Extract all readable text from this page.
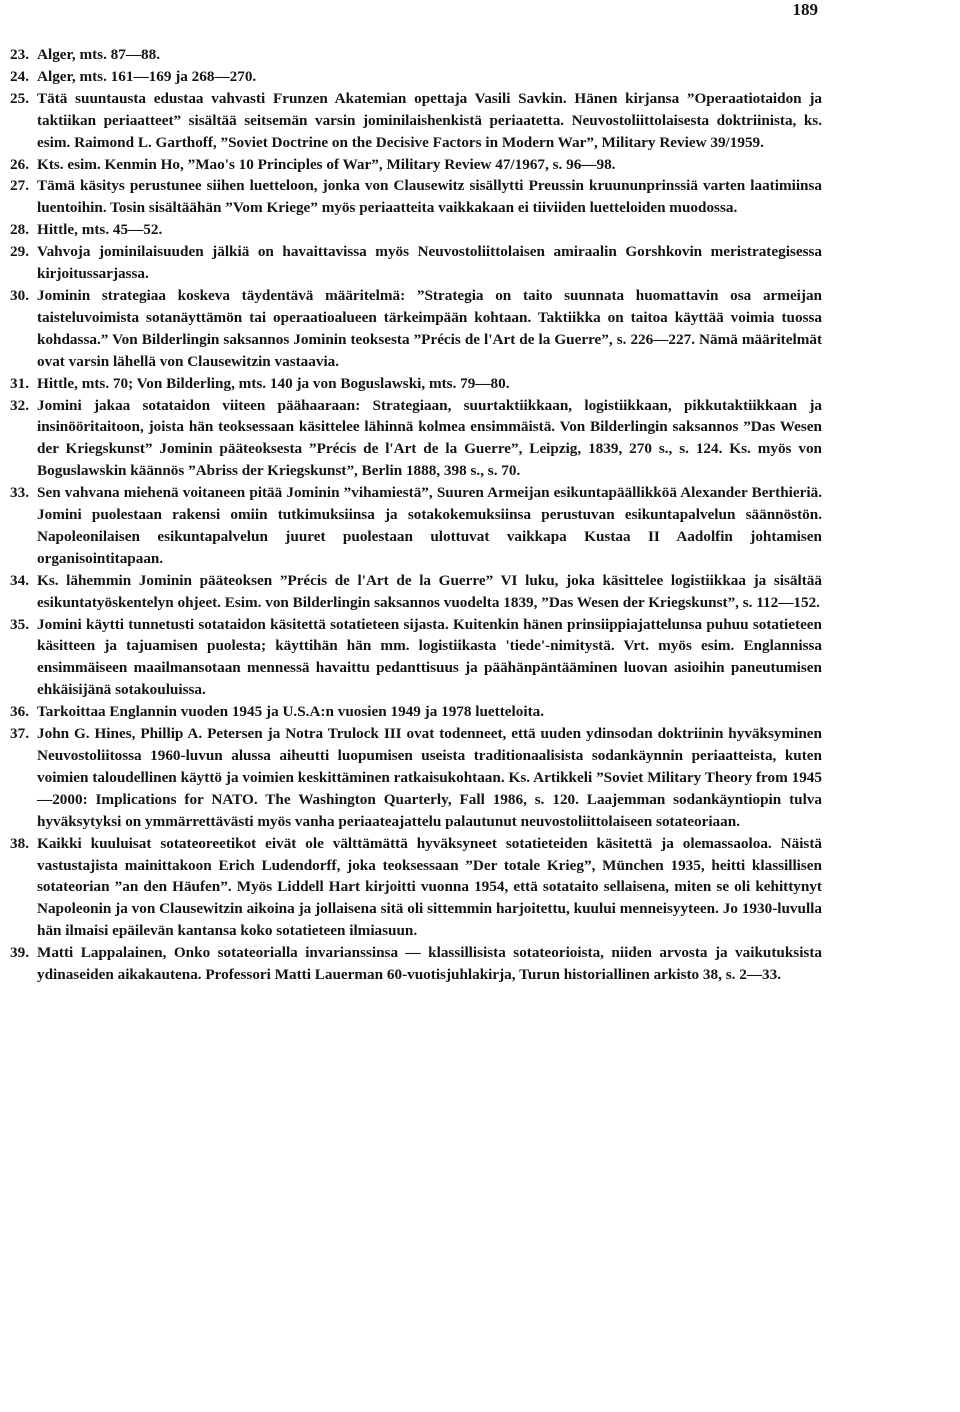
189
23. Alger, mts. 87—88.
24. Alger, mts. 161—169 ja 268—270.
25. Tätä suuntausta edustaa vahvasti Frunzen Akatemian opettaja Vasili Savkin. Hänen kirjansa ”Operaatiotaidon ja taktiikan periaatteet” sisältää seitsemän varsin jominilaishenkistä periaatetta. Neuvostoliittolaisesta doktriinista, ks. esim. Raimond L. Garthoff, ”Soviet Doctrine on the Decisive Factors in Modern War”, Military Review 39/1959.
26. Kts. esim. Kenmin Ho, ”Mao's 10 Principles of War”, Military Review 47/1967, s. 96—98.
27. Tämä käsitys perustunee siihen luetteloon, jonka von Clausewitz sisällytti Preussin kruununprinssiä varten laatimiinsa luentoihin. Tosin sisältäähän ”Vom Kriege” myös periaatteita vaikkakaan ei tiiviiden luetteloiden muodossa.
28. Hittle, mts. 45—52.
29. Vahvoja jominilaisuuden jälkiä on havaittavissa myös Neuvostoliittolaisen amiraalin Gorshkovin meristrategisessa kirjoitussarjassa.
30. Jominin strategiaa koskeva täydentävä määritelmä: ”Strategia on taito suunnata huomattavin osa armeijan taisteluvoimista sotanäyttämön tai operaatioalueen tärkeimpään kohtaan. Taktiikka on taitoa käyttää voimia tuossa kohdassa.” Von Bilderlingin saksannos Jominin teoksesta ”Précis de l'Art de la Guerre”, s. 226—227. Nämä määritelmät ovat varsin lähellä von Clausewitzin vastaavia.
31. Hittle, mts. 70; Von Bilderling, mts. 140 ja von Boguslawski, mts. 79—80.
32. Jomini jakaa sotataidon viiteen päähaaraan: Strategiaan, suurtaktiikkaan, logistiikkaan, pikkutaktiikkaan ja insinööritaitoon, joista hän teoksessaan käsittelee lähinnä kolmea ensimmäistä. Von Bilderlingin saksannos ”Das Wesen der Kriegskunst” Jominin pääteoksesta ”Précis de l'Art de la Guerre”, Leipzig, 1839, 270 s., s. 124. Ks. myös von Boguslawskin käännös ”Abriss der Kriegskunst”, Berlin 1888, 398 s., s. 70.
33. Sen vahvana miehenä voitaneen pitää Jominin ”vihamiestä”, Suuren Armeijan esikuntapäällikköä Alexander Berthieriä. Jomini puolestaan rakensi omiin tutkimuksiinsa ja sotakokemuksiinsa perustuvan esikuntapalvelun säännöstön. Napoleonilaisen esikuntapalvelun juuret puolestaan ulottuvat vaikkapa Kustaa II Aadolfin johtamisen organisointitapaan.
34. Ks. lähemmin Jominin pääteoksen ”Précis de l'Art de la Guerre” VI luku, joka käsittelee logistiikkaa ja sisältää esikuntatyöskentelyn ohjeet. Esim. von Bilderlingin saksannos vuodelta 1839, ”Das Wesen der Kriegskunst”, s. 112—152.
35. Jomini käytti tunnetusti sotataidon käsitettä sotatieteen sijasta. Kuitenkin hänen prinsiippiajattelunsa puhuu sotatieteen käsitteen ja tajuamisen puolesta; käyttihän hän mm. logistiikasta 'tiede'-nimitystä. Vrt. myös esim. Englannissa ensimmäiseen maailmansotaan mennessä havaittu pedanttisuus ja päähänpäntääminen luovan asioihin paneutumisen ehkäisijänä sotakouluissa.
36. Tarkoittaa Englannin vuoden 1945 ja U.S.A:n vuosien 1949 ja 1978 luetteloita.
37. John G. Hines, Phillip A. Petersen ja Notra Trulock III ovat todenneet, että uuden ydinsodan doktriinin hyväksyminen Neuvostoliitossa 1960-luvun alussa aiheutti luopumisen useista traditionaalisista sodankäynnin periaatteista, kuten voimien taloudellinen käyttö ja voimien keskittäminen ratkaisukohtaan. Ks. Artikkeli ”Soviet Military Theory from 1945—2000: Implications for NATO. The Washington Quarterly, Fall 1986, s. 120. Laajemman sodankäyntiopin tulva hyväksytyksi on ymmärrettävästi myös vanha periaateajattelu palautunut neuvostoliittolaiseen sotateoriaan.
38. Kaikki kuuluisat sotateoreetikot eivät ole välttämättä hyväksyneet sotatieteiden käsitettä ja olemassaoloa. Näistä vastustajista mainittakoon Erich Ludendorff, joka teoksessaan ”Der totale Krieg”, München 1935, heitti klassillisen sotateorian ”an den Häufen”. Myös Liddell Hart kirjoitti vuonna 1954, että sotataito sellaisena, miten se oli kehittynyt Napoleonin ja von Clausewitzin aikoina ja jollaisena sitä oli sittemmin harjoitettu, kuului menneisyyteen. Jo 1930-luvulla hän ilmaisi epäilevän kantansa koko sotatieteen ilmiasuun.
39. Matti Lappalainen, Onko sotateorialla invarianssinsa — klassillisista sotateorioista, niiden arvosta ja vaikutuksista ydinaseiden aikakautena. Professori Matti Lauerman 60-vuotisjuhlakirja, Turun historiallinen arkisto 38, s. 2—33.
